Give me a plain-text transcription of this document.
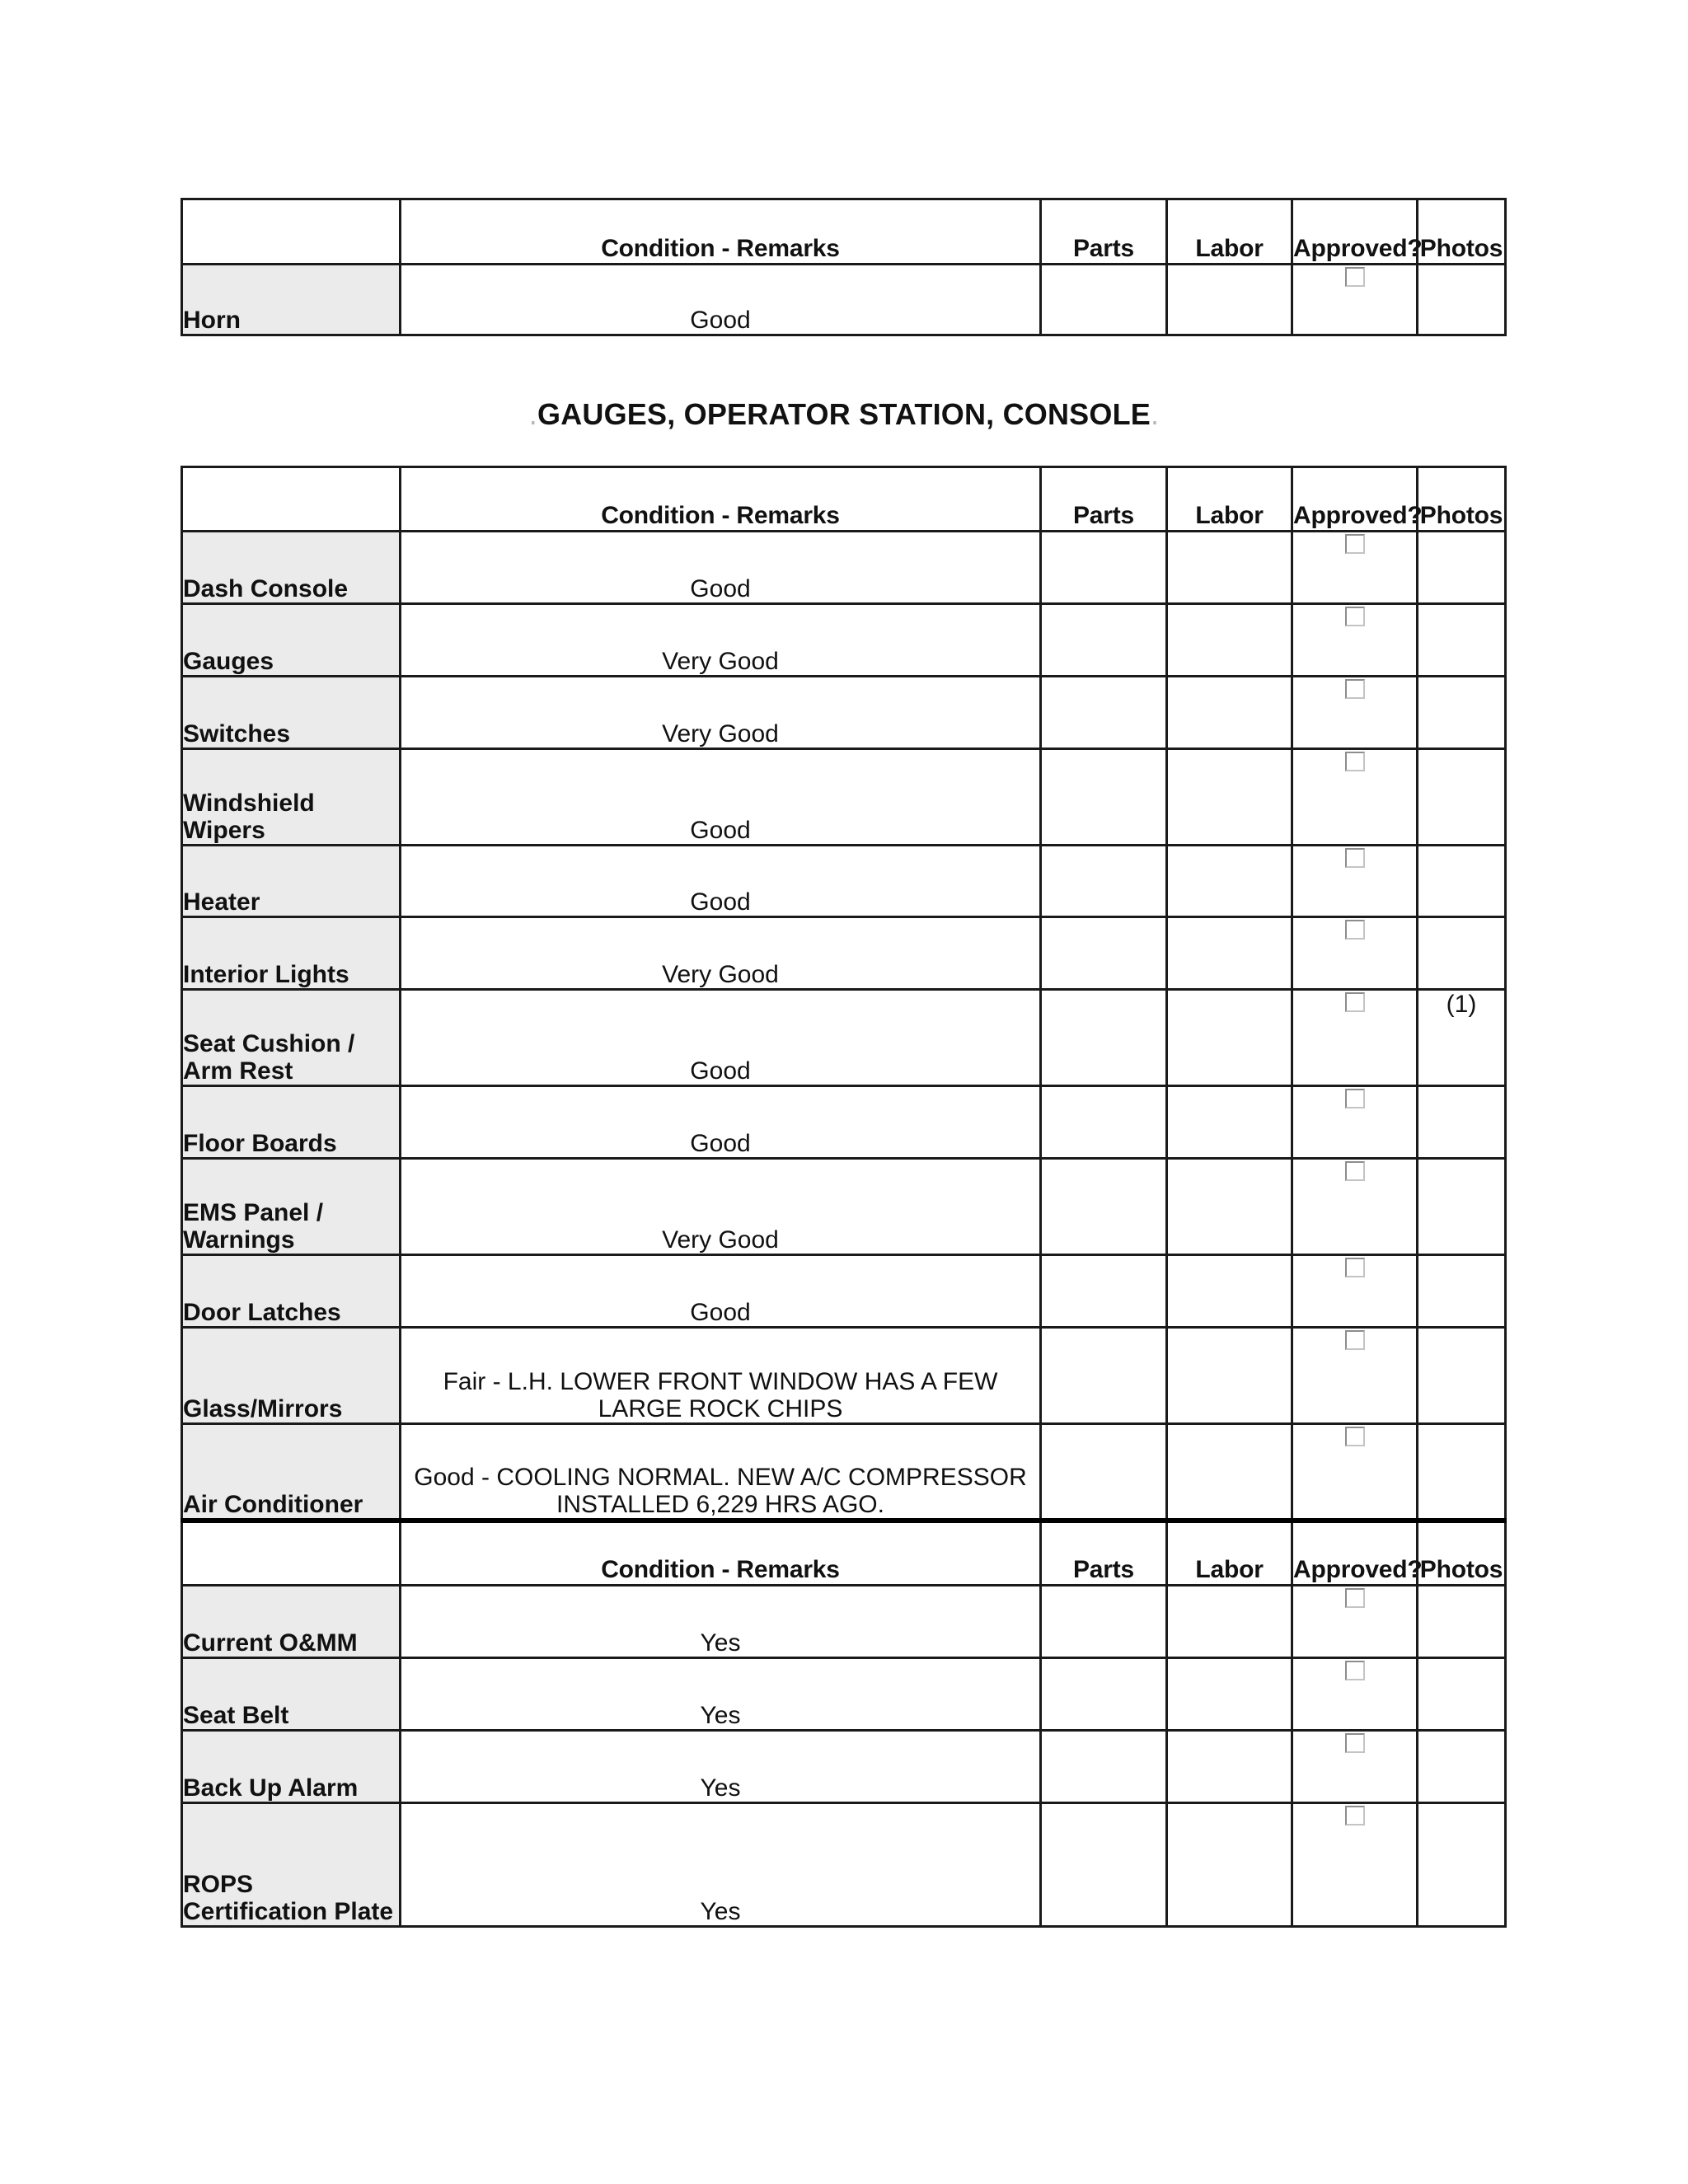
	Condition - Remarks	Parts	Labor	Approved?	Photos
Horn	Good				
.GAUGES, OPERATOR STATION, CONSOLE.
	Condition - Remarks	Parts	Labor	Approved?	Photos
Dash Console	Good				
Gauges	Very Good				
Switches	Very Good				
Windshield Wipers	Good				
Heater	Good				
Interior Lights	Very Good				
Seat Cushion / Arm Rest	Good				(1)
Floor Boards	Good				
EMS Panel / Warnings	Very Good				
Door Latches	Good				
Glass/Mirrors	Fair - L.H. LOWER FRONT WINDOW HAS A FEW LARGE ROCK CHIPS				
Air Conditioner	Good - COOLING NORMAL. NEW A/C COMPRESSOR INSTALLED 6,229 HRS AGO.				
	Condition - Remarks	Parts	Labor	Approved?	Photos
Current O&MM	Yes				
Seat Belt	Yes				
Back Up Alarm	Yes				
ROPS Certification Plate	Yes				
